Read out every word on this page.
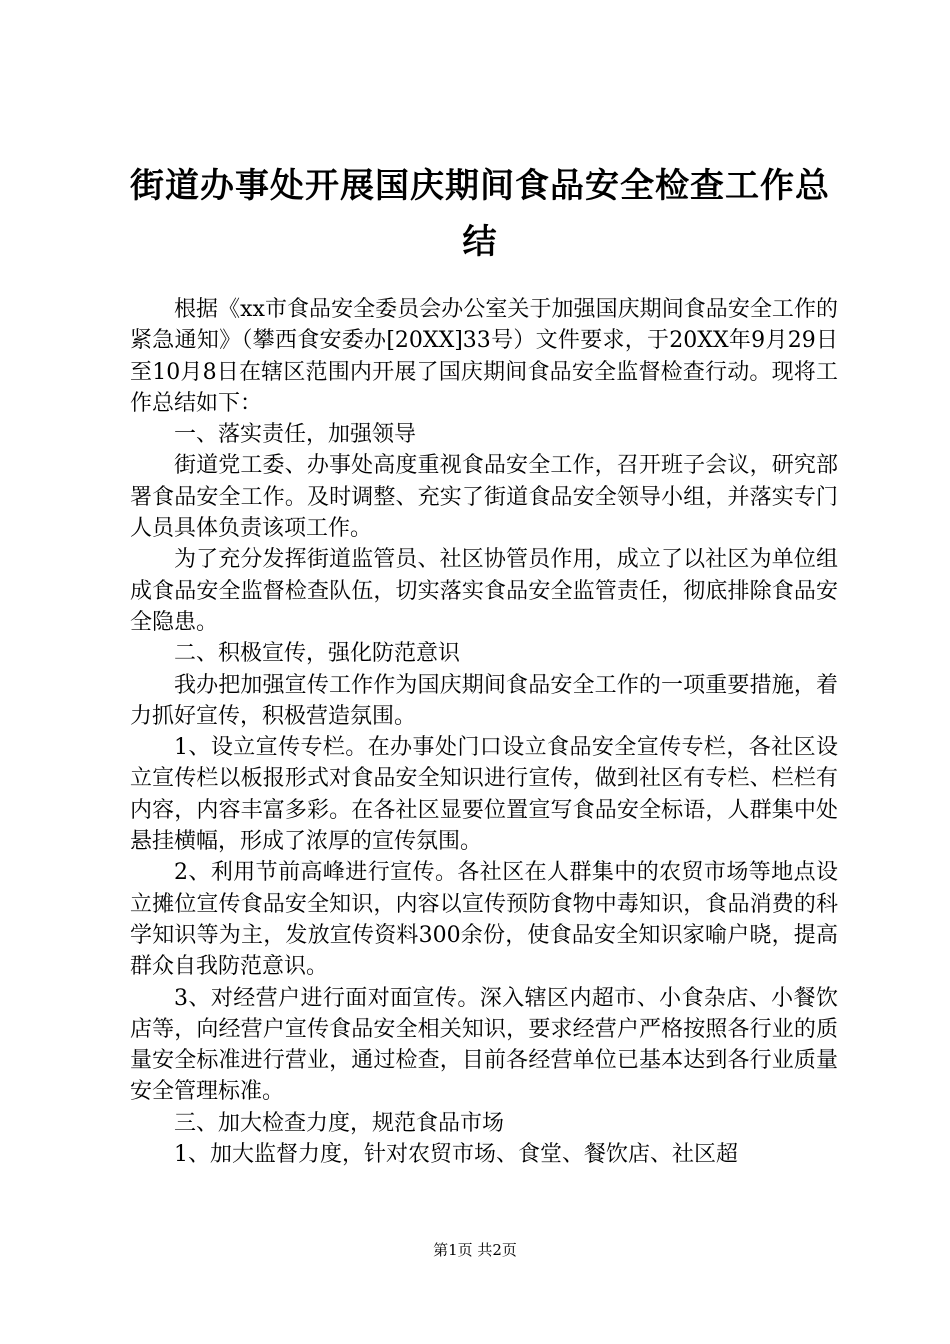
街道办事处开展国庆期间食品安全检查工作总结

根据《xx市食品安全委员会办公室关于加强国庆期间食品安全工作的紧急通知》（攀西食安委办[20XX]33号）文件要求，于20XX年9月29日至10月8日在辖区范围内开展了国庆期间食品安全监督检查行动。现将工作总结如下：

一、落实责任，加强领导

街道党工委、办事处高度重视食品安全工作，召开班子会议，研究部署食品安全工作。及时调整、充实了街道食品安全领导小组，并落实专门人员具体负责该项工作。

为了充分发挥街道监管员、社区协管员作用，成立了以社区为单位组成食品安全监督检查队伍，切实落实食品安全监管责任，彻底排除食品安全隐患。

二、积极宣传，强化防范意识

我办把加强宣传工作作为国庆期间食品安全工作的一项重要措施，着力抓好宣传，积极营造氛围。

1、设立宣传专栏。在办事处门口设立食品安全宣传专栏，各社区设立宣传栏以板报形式对食品安全知识进行宣传，做到社区有专栏、栏栏有内容，内容丰富多彩。在各社区显要位置宣写食品安全标语，人群集中处悬挂横幅，形成了浓厚的宣传氛围。

2、利用节前高峰进行宣传。各社区在人群集中的农贸市场等地点设立摊位宣传食品安全知识，内容以宣传预防食物中毒知识，食品消费的科学知识等为主，发放宣传资料300余份，使食品安全知识家喻户晓，提高群众自我防范意识。

3、对经营户进行面对面宣传。深入辖区内超市、小食杂店、小餐饮店等，向经营户宣传食品安全相关知识，要求经营户严格按照各行业的质量安全标准进行营业，通过检查，目前各经营单位已基本达到各行业质量安全管理标准。

三、加大检查力度，规范食品市场

1、加大监督力度，针对农贸市场、食堂、餐饮店、社区超

第1页 共2页
